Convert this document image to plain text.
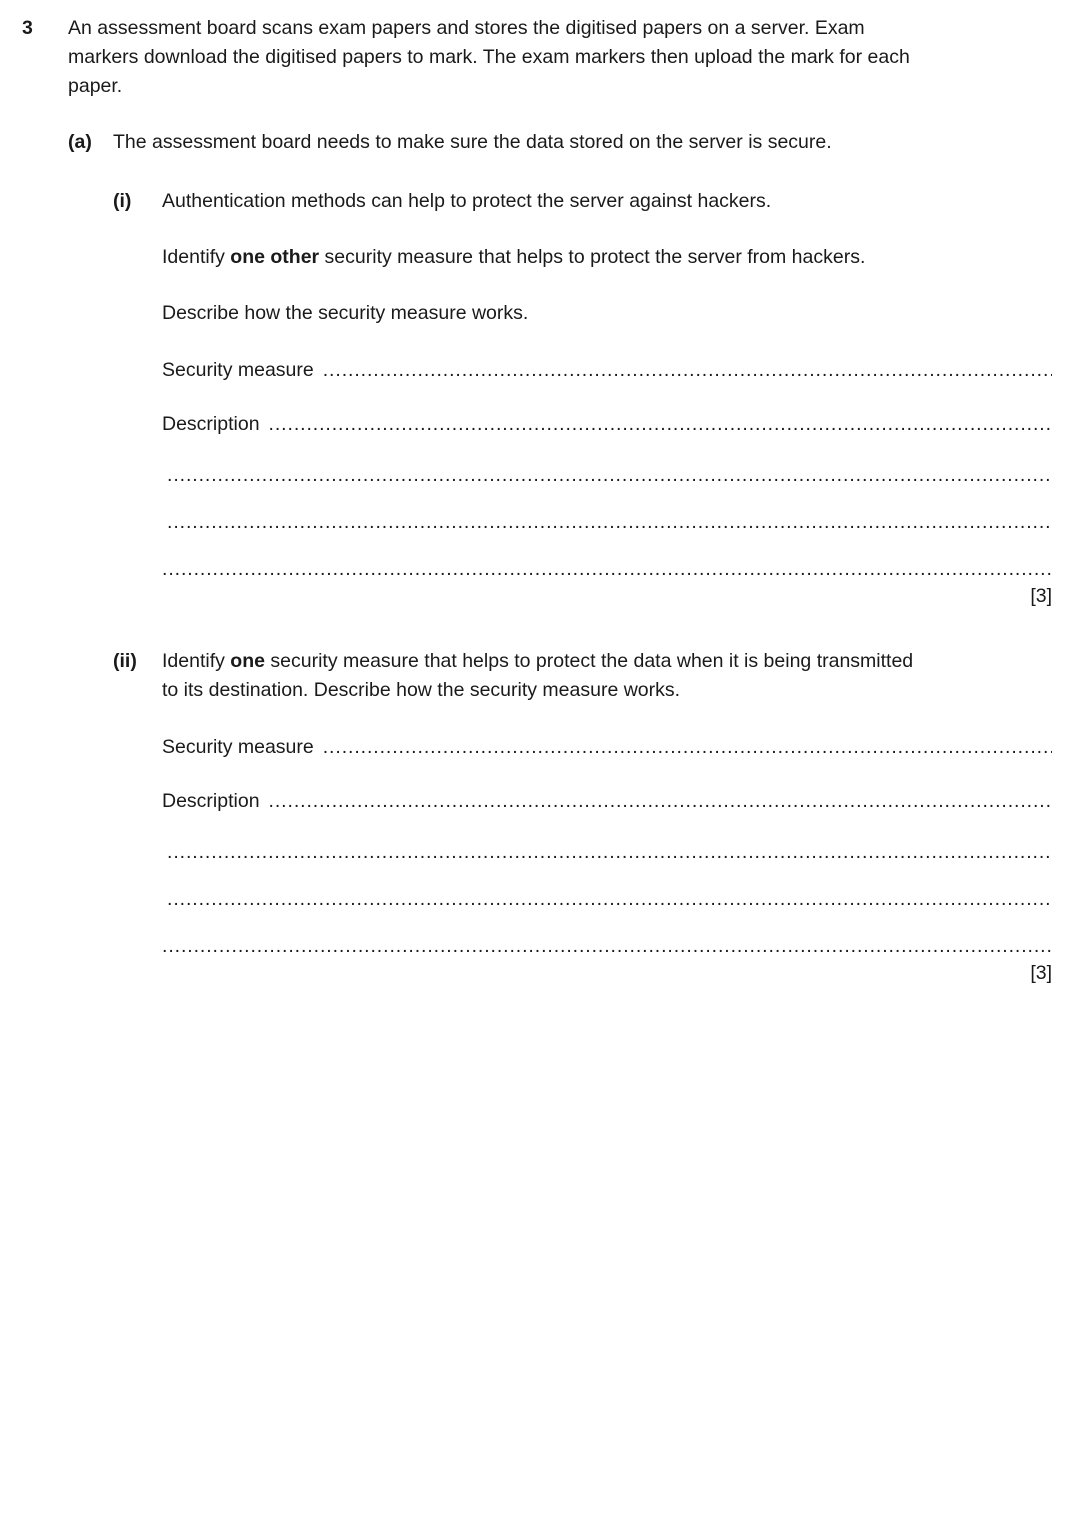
3	An assessment board scans exam papers and stores the digitised papers on a server. Exam
markers download the digitised papers to mark. The exam markers then upload the mark for each
paper.
(a)	The assessment board needs to make sure the data stored on the server is secure.
(i)	Authentication methods can help to protect the server against hackers.
Identify one other security measure that helps to protect the server from hackers.
Describe how the security measure works.
Security measure
.....
Description
.....
.....
.....
.....
[3]
(ii)	Identify one security measure that helps to protect the data when it is being transmitted
to its destination. Describe how the security measure works.
Security measure
.....
Description
.....
.....
.....
.....
[3]
